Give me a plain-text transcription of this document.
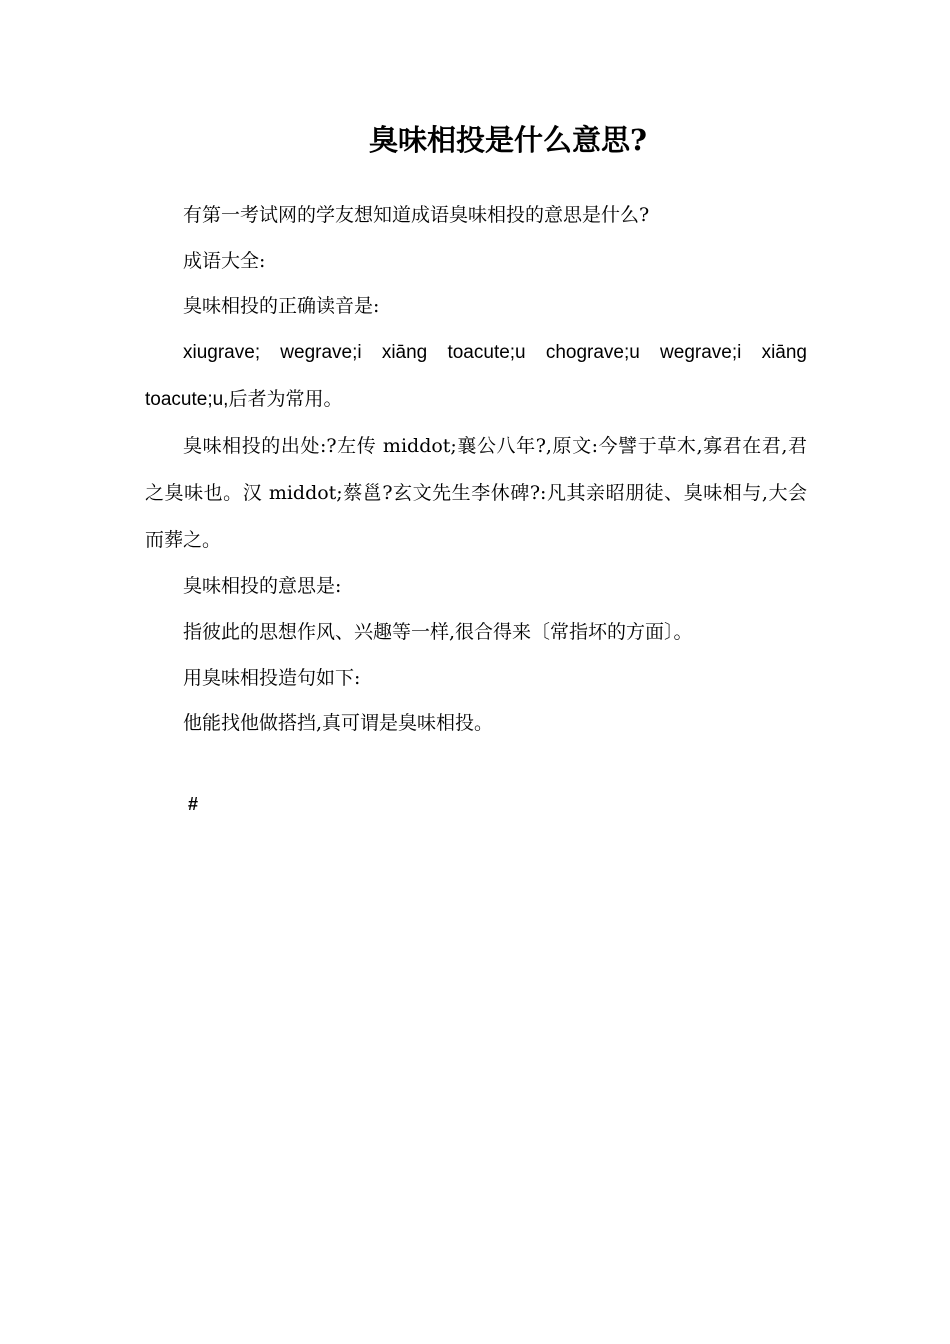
臭味相投是什么意思?

有第一考试网的学友想知道成语臭味相投的意思是什么?

成语大全:

臭味相投的正确读音是:

xiugrave; wegrave;i xiāng toacute;u chograve;u wegrave;i xiāng toacute;u,后者为常用。

臭味相投的出处:?左传 middot;襄公八年?,原文:今譬于草木,寡君在君,君之臭味也。汉 middot;蔡邕?玄文先生李休碑?:凡其亲昭朋徒、臭味相与,大会而葬之。

臭味相投的意思是:

指彼此的思想作风、兴趣等一样,很合得来〔常指坏的方面〕。

用臭味相投造句如下:

他能找他做搭挡,真可谓是臭味相投。

#
